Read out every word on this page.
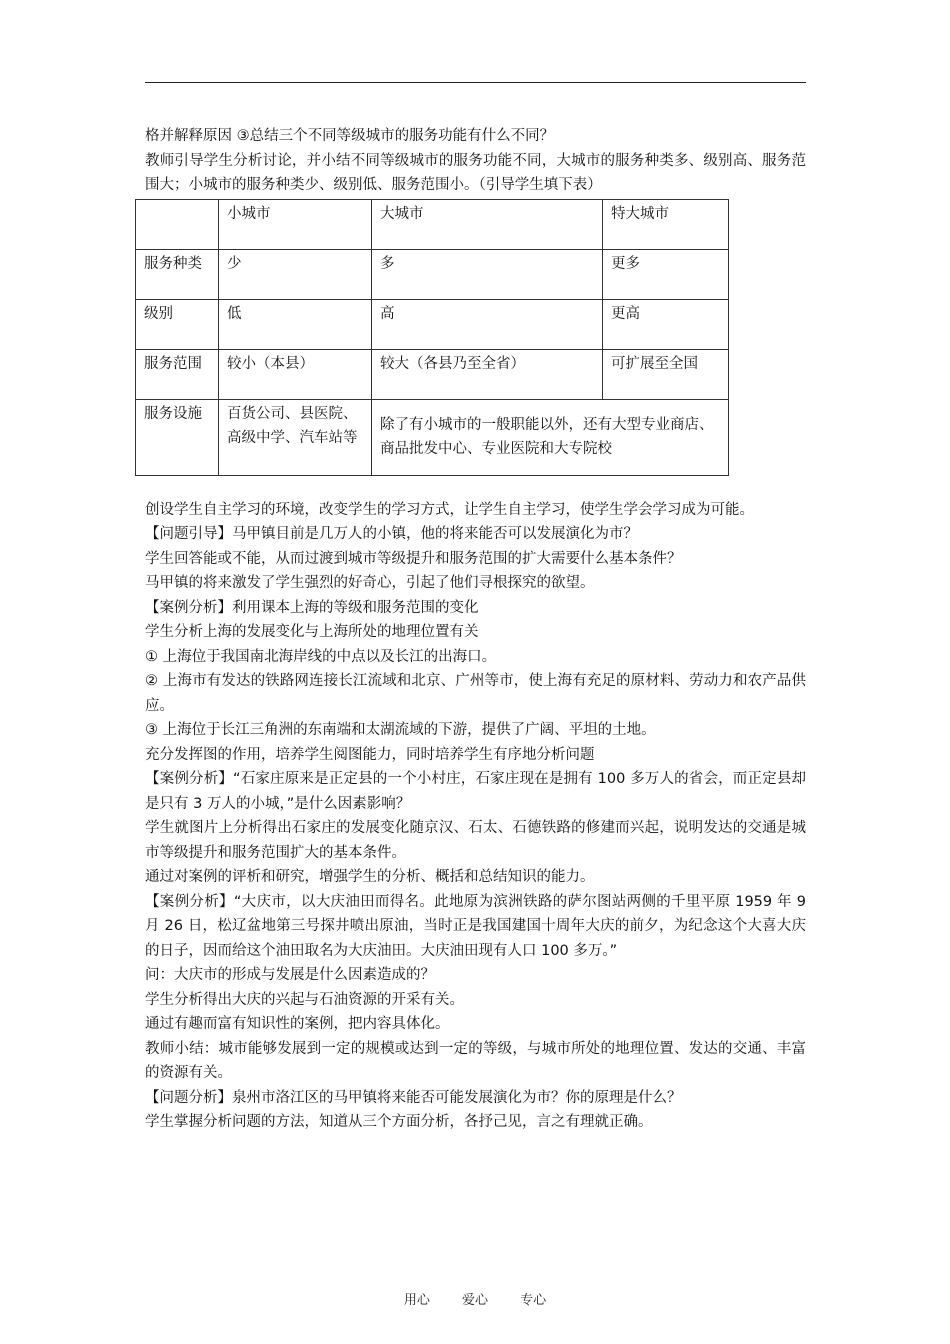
格并解释原因 ③总结三个不同等级城市的服务功能有什么不同？

教师引导学生分析讨论，并小结不同等级城市的服务功能不同，大城市的服务种类多、级别高、服务范围大；小城市的服务种类少、级别低、服务范围小。（引导学生填下表）

	小城市	大城市	特大城市
服务种类	少	多	更多
级别	低	高	更高
服务范围	较小（本县）	较大（各县乃至全省）	可扩展至全国
服务设施	百货公司、县医院、高级中学、汽车站等	除了有小城市的一般职能以外，还有大型专业商店、商品批发中心、专业医院和大专院校	

创设学生自主学习的环境，改变学生的学习方式，让学生自主学习，使学生学会学习成为可能。

【问题引导】马甲镇目前是几万人的小镇，他的将来能否可以发展演化为市？

学生回答能或不能，从而过渡到城市等级提升和服务范围的扩大需要什么基本条件？

马甲镇的将来激发了学生强烈的好奇心，引起了他们寻根探究的欲望。

【案例分析】利用课本上海的等级和服务范围的变化

学生分析上海的发展变化与上海所处的地理位置有关

① 上海位于我国南北海岸线的中点以及长江的出海口。

② 上海市有发达的铁路网连接长江流域和北京、广州等市，使上海有充足的原材料、劳动力和农产品供应。

③ 上海位于长江三角洲的东南端和太湖流域的下游，提供了广阔、平坦的土地。

充分发挥图的作用，培养学生阅图能力，同时培养学生有序地分析问题

【案例分析】“石家庄原来是正定县的一个小村庄，石家庄现在是拥有 100 多万人的省会，而正定县却是只有 3 万人的小城，”是什么因素影响？

学生就图片上分析得出石家庄的发展变化随京汉、石太、石德铁路的修建而兴起，说明发达的交通是城市等级提升和服务范围扩大的基本条件。

通过对案例的评析和研究，增强学生的分析、概括和总结知识的能力。

【案例分析】“大庆市，以大庆油田而得名。此地原为滨洲铁路的萨尔图站两侧的千里平原 1959 年 9 月 26 日，松辽盆地第三号探井喷出原油，当时正是我国建国十周年大庆的前夕，为纪念这个大喜大庆的日子，因而给这个油田取名为大庆油田。大庆油田现有人口 100 多万。”

问：大庆市的形成与发展是什么因素造成的？

学生分析得出大庆的兴起与石油资源的开采有关。

通过有趣而富有知识性的案例，把内容具体化。

教师小结：城市能够发展到一定的规模或达到一定的等级，与城市所处的地理位置、发达的交通、丰富的资源有关。

【问题分析】泉州市洛江区的马甲镇将来能否可能发展演化为市？你的原理是什么？

学生掌握分析问题的方法，知道从三个方面分析，各抒己见，言之有理就正确。

用心 爱心 专心
